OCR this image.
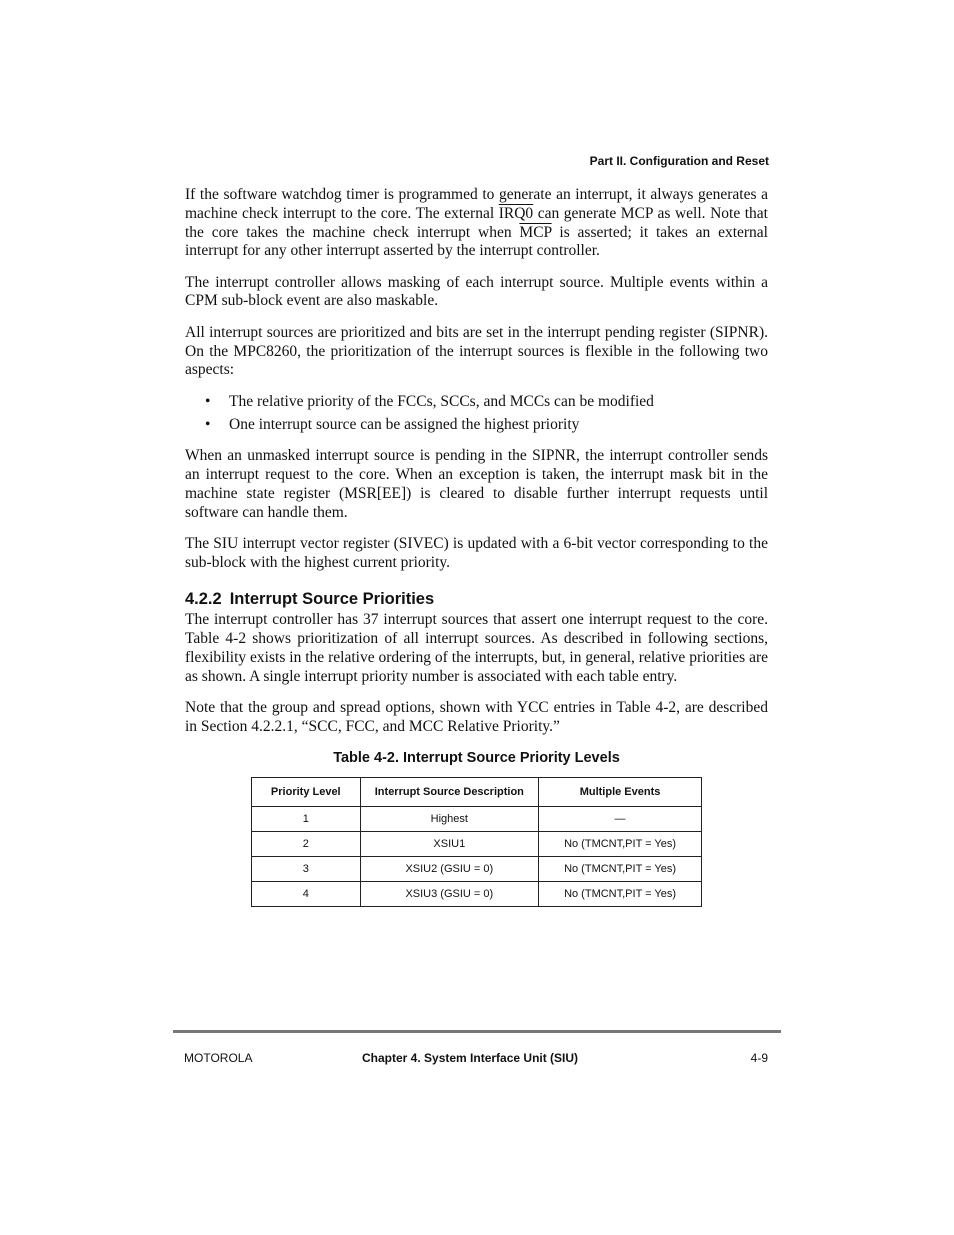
Part II. Configuration and Reset

If the software watchdog timer is programmed to generate an interrupt, it always generates a machine check interrupt to the core. The external IRQ0 can generate MCP as well. Note that the core takes the machine check interrupt when $\overline{MCP}$ is asserted; it takes an external interrupt for any other interrupt asserted by the interrupt controller.

The interrupt controller allows masking of each interrupt source. Multiple events within a CPM sub-block event are also maskable.

All interrupt sources are prioritized and bits are set in the interrupt pending register (SIPNR). On the MPC8260, the prioritization of the interrupt sources is flexible in the following two aspects:

• The relative priority of the FCCs, SCCs, and MCCs can be modified
• One interrupt source can be assigned the highest priority

When an unmasked interrupt source is pending in the SIPNR, the interrupt controller sends an interrupt request to the core. When an exception is taken, the interrupt mask bit in the machine state register (MSR[EE]) is cleared to disable further interrupt requests until software can handle them.

The SIU interrupt vector register (SIVEC) is updated with a 6-bit vector corresponding to the sub-block with the highest current priority.

4.2.2 Interrupt Source Priorities

The interrupt controller has 37 interrupt sources that assert one interrupt request to the core. Table 4-2 shows prioritization of all interrupt sources. As described in following sections, flexibility exists in the relative ordering of the interrupts, but, in general, relative priorities are as shown. A single interrupt priority number is associated with each table entry.

Note that the group and spread options, shown with YCC entries in Table 4-2, are described in Section 4.2.2.1, “SCC, FCC, and MCC Relative Priority.”

Table 4-2. Interrupt Source Priority Levels
Priority Level	Interrupt Source Description	Multiple Events
1	Highest	—
2	XSIU1	No (TMCNT,PIT = Yes)
3	XSIU2 (GSIU = 0)	No (TMCNT,PIT = Yes)
4	XSIU3 (GSIU = 0)	No (TMCNT,PIT = Yes)
MOTOROLA	Chapter 4. System Interface Unit (SIU)	4-9
